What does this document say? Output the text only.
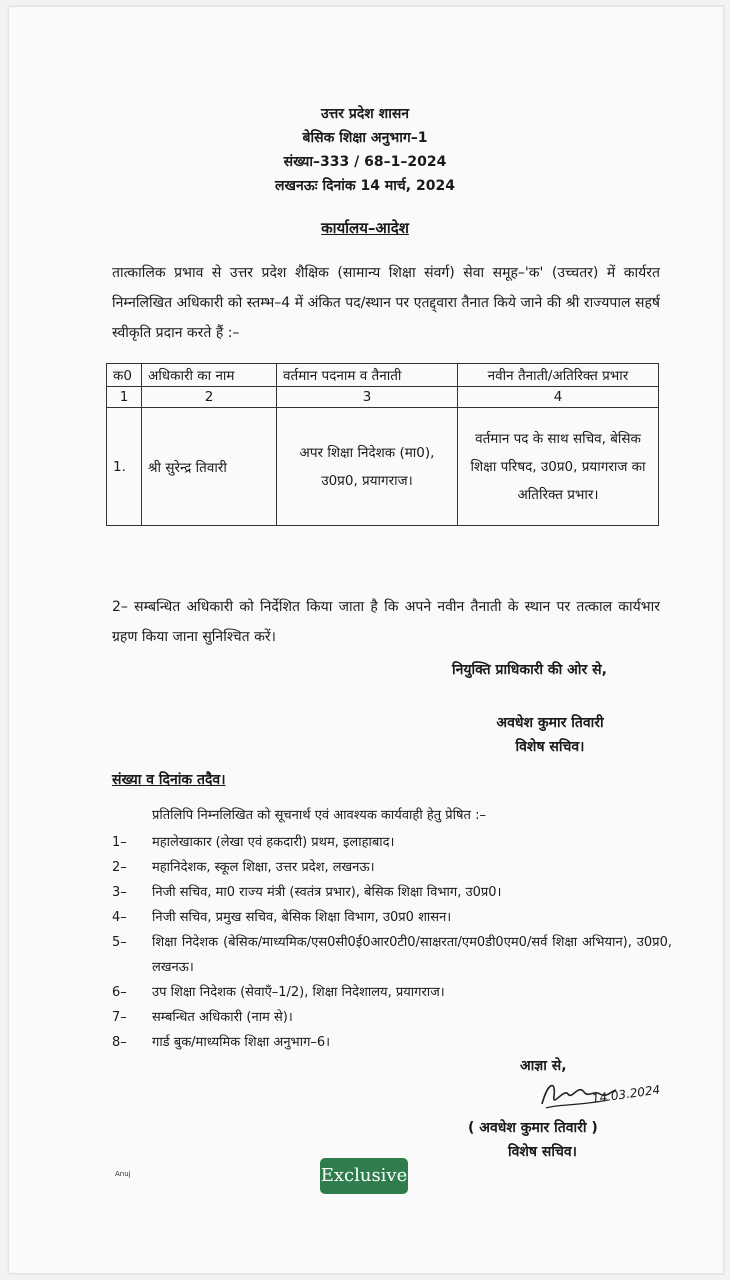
उत्तर प्रदेश शासन
बेसिक शिक्षा अनुभाग–1
संख्या–333 / 68–1–2024
लखनऊः दिनांक 14 मार्च, 2024
कार्यालय–आदेश
तात्कालिक प्रभाव से उत्तर प्रदेश शैक्षिक (सामान्य शिक्षा संवर्ग) सेवा समूह–'क' (उच्चतर) में कार्यरत निम्नलिखित अधिकारी को स्तम्भ–4 में अंकित पद/स्थान पर एतद्द्वारा तैनात किये जाने की श्री राज्यपाल सहर्ष स्वीकृति प्रदान करते हैं :–
क0	अधिकारी का नाम	वर्तमान पदनाम व तैनाती	नवीन तैनाती/अतिरिक्त प्रभार
1	2	3	4
1.	श्री सुरेन्द्र तिवारी	अपर शिक्षा निदेशक (मा0), उ0प्र0, प्रयागराज।	वर्तमान पद के साथ सचिव, बेसिक शिक्षा परिषद, उ0प्र0, प्रयागराज का अतिरिक्त प्रभार।
2– सम्बन्धित अधिकारी को निर्देशित किया जाता है कि अपने नवीन तैनाती के स्थान पर तत्काल कार्यभार ग्रहण किया जाना सुनिश्चित करें।
नियुक्ति प्राधिकारी की ओर से,
अवधेश कुमार तिवारी
विशेष सचिव।
संख्या व दिनांक तदैव।
प्रतिलिपि निम्नलिखित को सूचनार्थ एवं आवश्यक कार्यवाही हेतु प्रेषित :–
1–	महालेखाकार (लेखा एवं हकदारी) प्रथम, इलाहाबाद।
2–	महानिदेशक, स्कूल शिक्षा, उत्तर प्रदेश, लखनऊ।
3–	निजी सचिव, मा0 राज्य मंत्री (स्वतंत्र प्रभार), बेसिक शिक्षा विभाग, उ0प्र0।
4–	निजी सचिव, प्रमुख सचिव, बेसिक शिक्षा विभाग, उ0प्र0 शासन।
5–	शिक्षा निदेशक (बेसिक/माध्यमिक/एस0सी0ई0आर0टी0/साक्षरता/एम0डी0एम0/सर्व शिक्षा अभियान), उ0प्र0, लखनऊ।
6–	उप शिक्षा निदेशक (सेवाएँ–1/2), शिक्षा निदेशालय, प्रयागराज।
7–	सम्बन्धित अधिकारी (नाम से)।
8–	गार्ड बुक/माध्यमिक शिक्षा अनुभाग–6।
आज्ञा से,
14.03.2024
( अवधेश कुमार तिवारी )
विशेष सचिव।
Anuj	Exclusive
